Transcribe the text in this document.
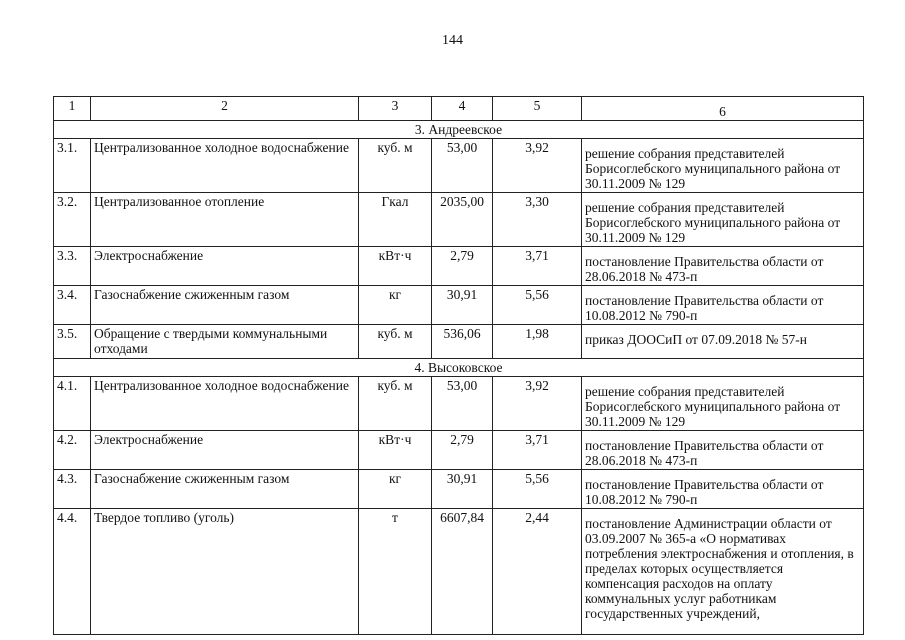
144
1	2	3	4	5	6
3. Андреевское					
3.1.	Централизованное холодное водоснабжение	куб. м	53,00	3,92	решение собрания представителей Борисоглебского муниципального района от 30.11.2009 № 129
3.2.	Централизованное отопление	Гкал	2035,00	3,30	решение собрания представителей Борисоглебского муниципального района от 30.11.2009 № 129
3.3.	Электроснабжение	кВт·ч	2,79	3,71	постановление Правительства области от 28.06.2018 № 473-п
3.4.	Газоснабжение сжиженным газом	кг	30,91	5,56	постановление Правительства области от 10.08.2012 № 790-п
3.5.	Обращение с твердыми коммунальными отходами	куб. м	536,06	1,98	приказ ДООСиП от 07.09.2018 № 57-н
4. Высоковское					
4.1.	Централизованное холодное водоснабжение	куб. м	53,00	3,92	решение собрания представителей Борисоглебского муниципального района от 30.11.2009 № 129
4.2.	Электроснабжение	кВт·ч	2,79	3,71	постановление Правительства области от 28.06.2018 № 473-п
4.3.	Газоснабжение сжиженным газом	кг	30,91	5,56	постановление Правительства области от 10.08.2012 № 790-п
4.4.	Твердое топливо (уголь)	т	6607,84	2,44	постановление Администрации области от 03.09.2007 № 365-а «О нормативах потребления электроснабжения и отопления, в пределах которых осуществляется компенсация расходов на оплату коммунальных услуг работникам государственных учреждений,
